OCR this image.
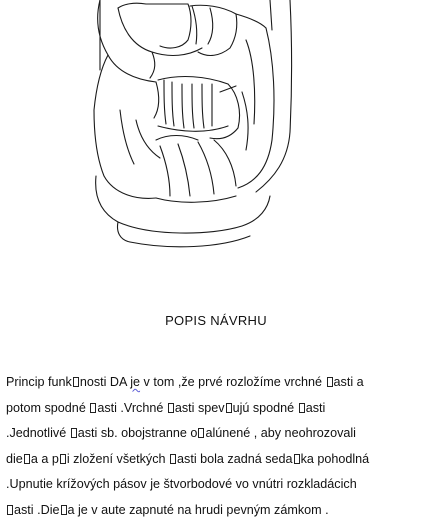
POPIS NÁVRHU
Princip funk nosti DA je v tom ,že prvé rozložíme vrchné asti a
potom spodné asti .Vrchné asti spev ujú spodné asti
.Jednotlivé asti sb. obojstranne o alúnené , aby neohrozovali
die a a p i zložení všetkých asti bola zadná seda ka pohodlná
.Upnutie krížových pásov je štvorbodové vo vnútri rozkladácich
asti .Die a je v aute zapnuté na hrudi pevným zámkom .
